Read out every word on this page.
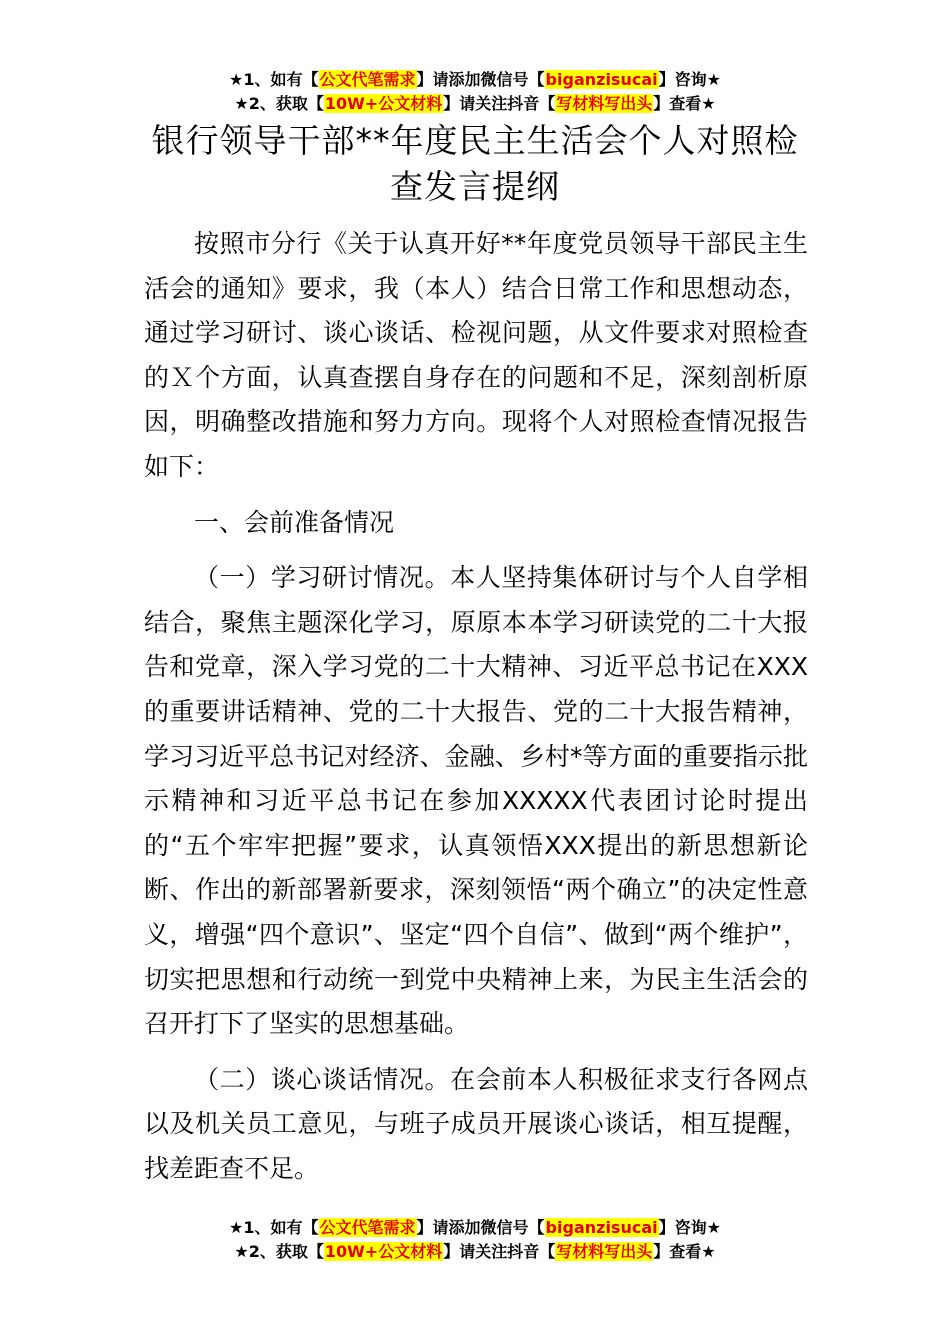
★1、如有【公文代笔需求】请添加微信号【biganzisucai】咨询★
★2、获取【10W+公文材料】请关注抖音【写材料写出头】查看★
银行领导干部**年度民主生活会个人对照检
查发言提纲

按照市分行《关于认真开好**年度党员领导干部民主生活会的通知》要求，我（本人）结合日常工作和思想动态，通过学习研讨、谈心谈话、检视问题，从文件要求对照检查的Ｘ个方面，认真查摆自身存在的问题和不足，深刻剖析原因，明确整改措施和努力方向。现将个人对照检查情况报告如下：

一、会前准备情况

（一）学习研讨情况。本人坚持集体研讨与个人自学相结合，聚焦主题深化学习，原原本本学习研读党的二十大报告和党章，深入学习党的二十大精神、习近平总书记在XXX的重要讲话精神、党的二十大报告、党的二十大报告精神，学习习近平总书记对经济、金融、乡村*等方面的重要指示批示精神和习近平总书记在参加XXXXX代表团讨论时提出的“五个牢牢把握”要求，认真领悟XXX提出的新思想新论断、作出的新部署新要求，深刻领悟“两个确立”的决定性意义，增强“四个意识”、坚定“四个自信”、做到“两个维护”，切实把思想和行动统一到党中央精神上来，为民主生活会的召开打下了坚实的思想基础。

（二）谈心谈话情况。在会前本人积极征求支行各网点以及机关员工意见，与班子成员开展谈心谈话，相互提醒，找差距查不足。

★1、如有【公文代笔需求】请添加微信号【biganzisucai】咨询★
★2、获取【10W+公文材料】请关注抖音【写材料写出头】查看★
